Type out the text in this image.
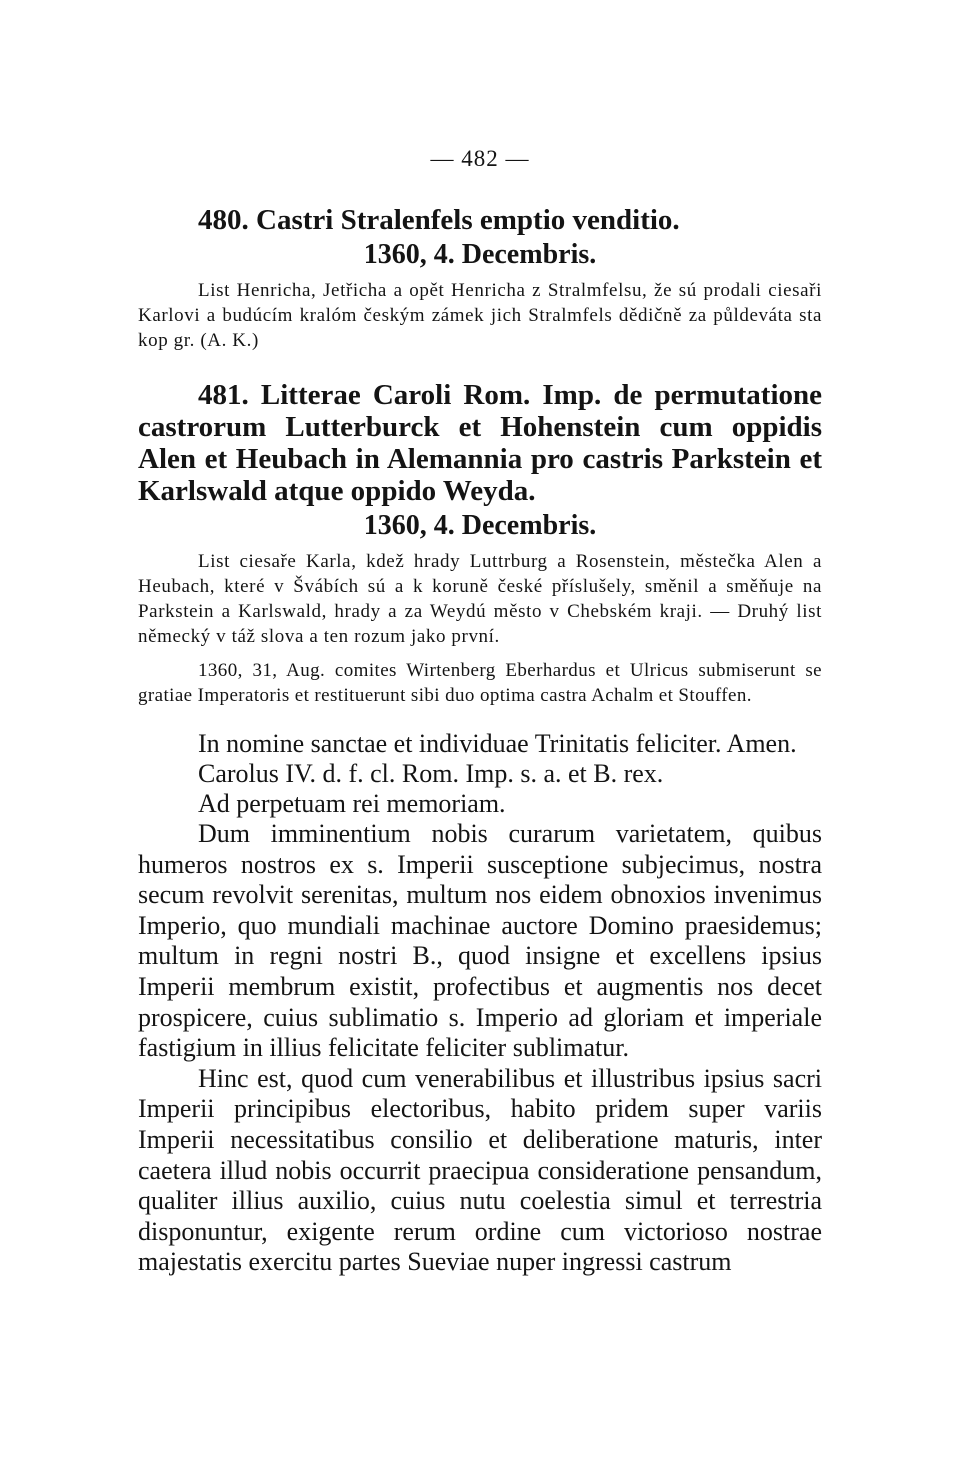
— 482 —

480. Castri Stralenfels emptio venditio.

1360, 4. Decembris.

List Henricha, Jetřicha a opět Henricha z Stralmfelsu, že sú prodali ciesaři Karlovi a budúcím kralóm českým zámek jich Stralmfels dědičně za půldeváta sta kop gr. (A. K.)

481. Litterae Caroli Rom. Imp. de permutatione castrorum Lutterburck et Hohenstein cum oppidis Alen et Heubach in Alemannia pro castris Parkstein et Karlswald atque oppido Weyda.

1360, 4. Decembris.

List ciesaře Karla, kdež hrady Luttrburg a Rosenstein, městečka Alen a Heubach, které v Švábích sú a k koruně české příslušely, směnil a směňuje na Parkstein a Karlswald, hrady a za Weydú město v Chebském kraji. — Druhý list německý v táž slova a ten rozum jako první.

1360, 31, Aug. comites Wirtenberg Eberhardus et Ulricus submiserunt se gratiae Imperatoris et restituerunt sibi duo optima castra Achalm et Stouffen.

In nomine sanctae et individuae Trinitatis feliciter. Amen.

Carolus IV. d. f. cl. Rom. Imp. s. a. et B. rex.

Ad perpetuam rei memoriam.

Dum imminentium nobis curarum varietatem, quibus humeros nostros ex s. Imperii susceptione subjecimus, nostra secum revolvit serenitas, multum nos eidem obnoxios invenimus Imperio, quo mundiali machinae auctore Domino praesidemus; multum in regni nostri B., quod insigne et excellens ipsius Imperii membrum existit, profectibus et augmentis nos decet prospicere, cuius sublimatio s. Imperio ad gloriam et imperiale fastigium in illius felicitate feliciter sublimatur.

Hinc est, quod cum venerabilibus et illustribus ipsius sacri Imperii principibus electoribus, habito pridem super variis Imperii necessitatibus consilio et deliberatione maturis, inter caetera illud nobis occurrit praecipua consideratione pensandum, qualiter illius auxilio, cuius nutu coelestia simul et terrestria disponuntur, exigente rerum ordine cum victorioso nostrae majestatis exercitu partes Sueviae nuper ingressi castrum
